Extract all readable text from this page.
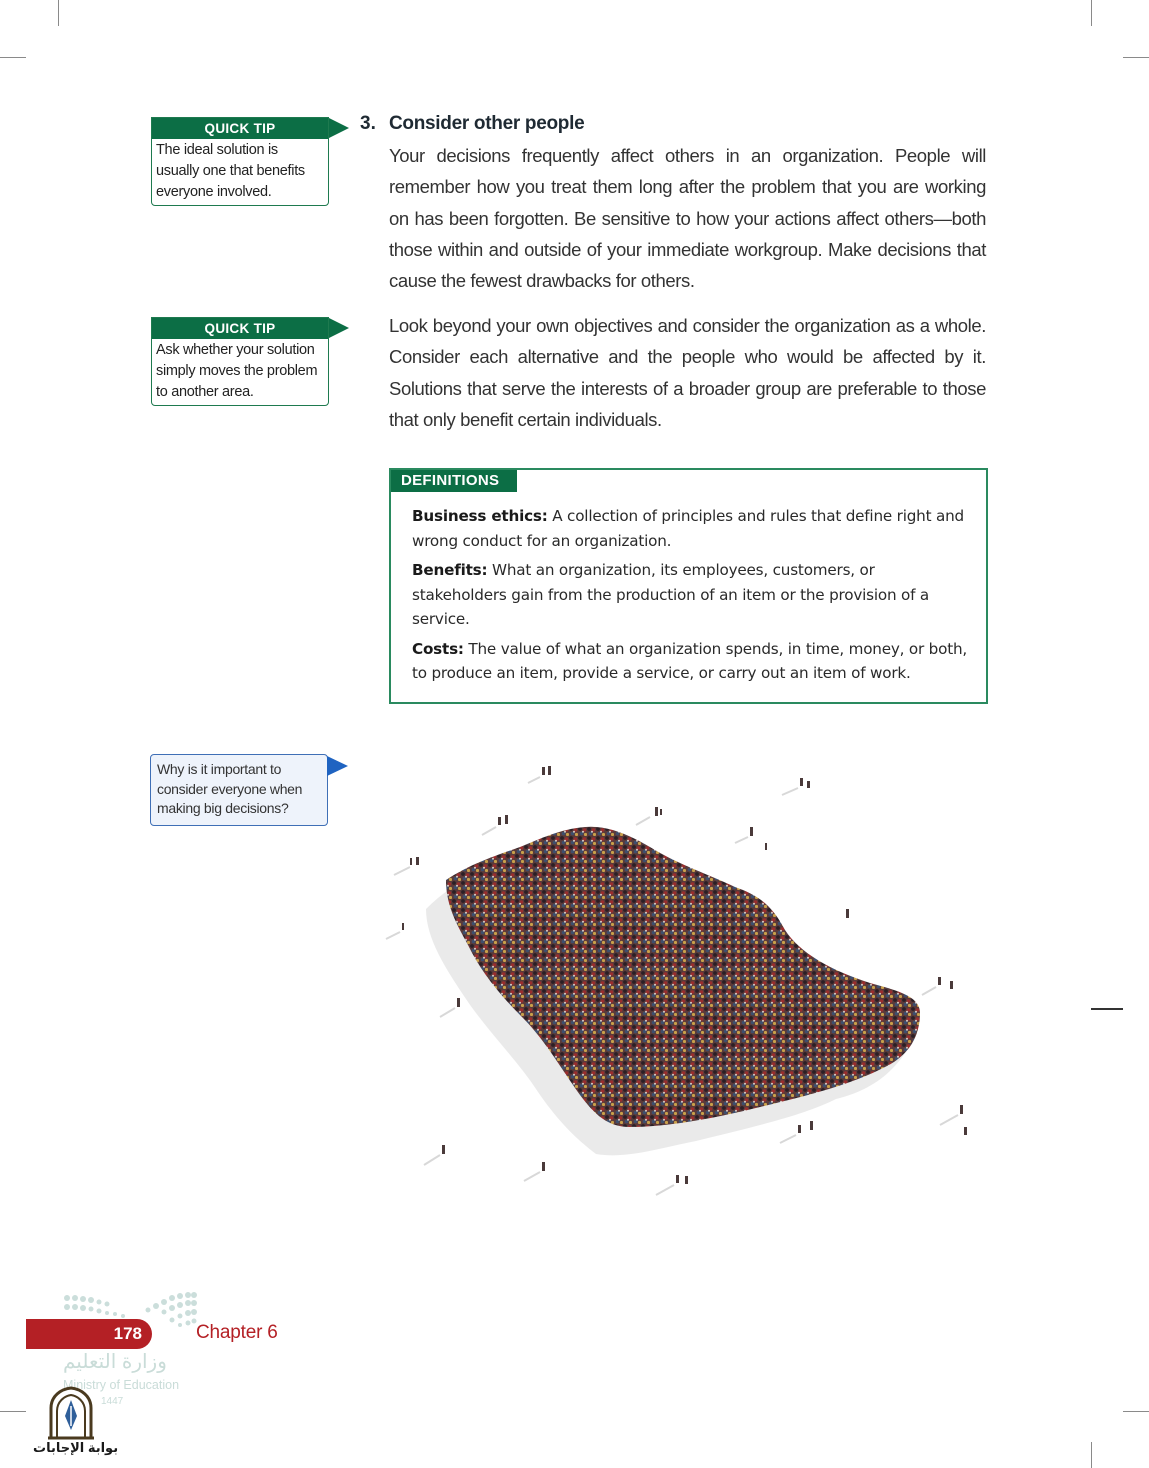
QUICK TIP
The ideal solution is usually one that benefits everyone involved.
QUICK TIP
Ask whether your solution simply moves the problem to another area.
Why is it important to consider everyone when making big decisions?
3. Consider other people
Your decisions frequently affect others in an organization. People will remember how you treat them long after the problem that you are working on has been forgotten. Be sensitive to how your actions affect others—both those within and outside of your immediate workgroup. Make decisions that cause the fewest drawbacks for others.
Look beyond your own objectives and consider the organization as a whole. Consider each alternative and the people who would be affected by it. Solutions that serve the interests of a broader group are preferable to those that only benefit certain individuals.
DEFINITIONS

Business ethics: A collection of principles and rules that define right and wrong conduct for an organization.

Benefits: What an organization, its employees, customers, or stakeholders gain from the production of an item or the provision of a service.

Costs: The value of what an organization spends, in time, money, or both, to produce an item, provide a service, or carry out an item of work.

178	Chapter 6
وزارة التعليم
Ministry of Education
1447
بوابة الإجابات
